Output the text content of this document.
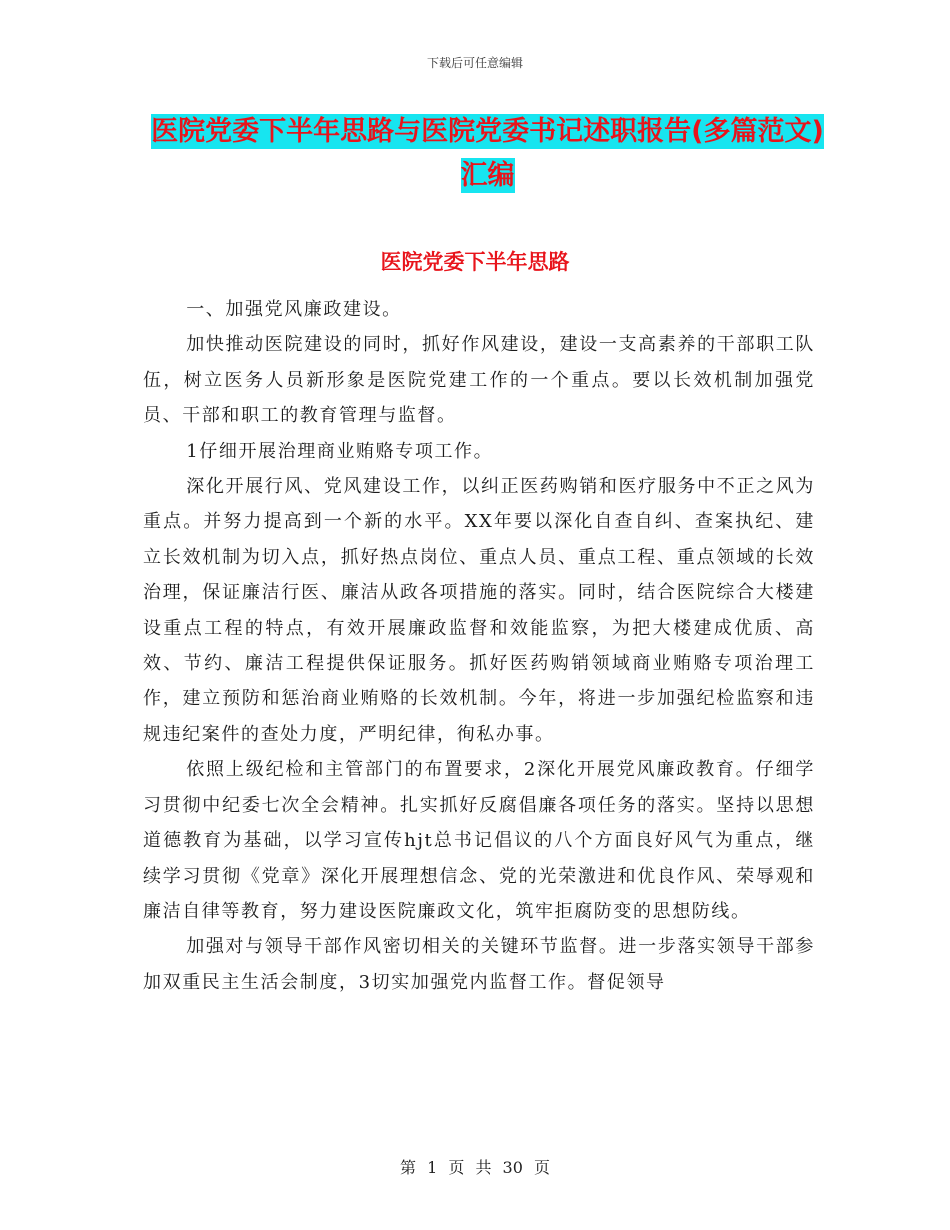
下载后可任意编辑
医院党委下半年思路与医院党委书记述职报告(多篇范文)汇编
医院党委下半年思路

一、加强党风廉政建设。

加快推动医院建设的同时，抓好作风建设，建设一支高素养的干部职工队伍，树立医务人员新形象是医院党建工作的一个重点。要以长效机制加强党员、干部和职工的教育管理与监督。

1仔细开展治理商业贿赂专项工作。

深化开展行风、党风建设工作，以纠正医药购销和医疗服务中不正之风为重点。并努力提高到一个新的水平。XX年要以深化自查自纠、查案执纪、建立长效机制为切入点，抓好热点岗位、重点人员、重点工程、重点领域的长效治理，保证廉洁行医、廉洁从政各项措施的落实。同时，结合医院综合大楼建设重点工程的特点，有效开展廉政监督和效能监察，为把大楼建成优质、高效、节约、廉洁工程提供保证服务。抓好医药购销领域商业贿赂专项治理工作，建立预防和惩治商业贿赂的长效机制。今年，将进一步加强纪检监察和违规违纪案件的查处力度，严明纪律，徇私办事。

依照上级纪检和主管部门的布置要求，2深化开展党风廉政教育。仔细学习贯彻中纪委七次全会精神。扎实抓好反腐倡廉各项任务的落实。坚持以思想道德教育为基础，以学习宣传hjt总书记倡议的八个方面良好风气为重点，继续学习贯彻《党章》深化开展理想信念、党的光荣激进和优良作风、荣辱观和廉洁自律等教育，努力建设医院廉政文化，筑牢拒腐防变的思想防线。

加强对与领导干部作风密切相关的关键环节监督。进一步落实领导干部参加双重民主生活会制度，3切实加强党内监督工作。督促领导

第 1 页 共 30 页
